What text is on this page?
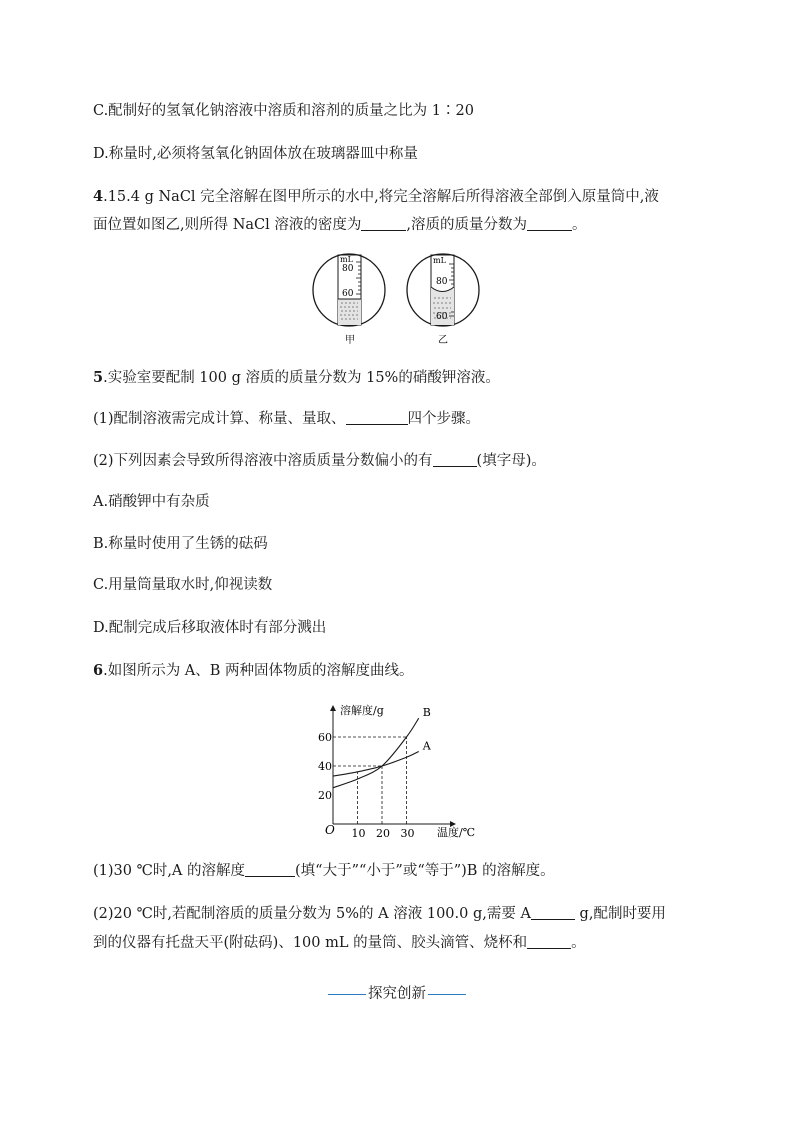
C.配制好的氢氧化钠溶液中溶质和溶剂的质量之比为 1∶20
D.称量时,必须将氢氧化钠固体放在玻璃器皿中称量
4.15.4 g NaCl 完全溶解在图甲所示的水中,将完全溶解后所得溶液全部倒入原量筒中,液
面位置如图乙,则所得 NaCl 溶液的密度为	,溶质的质量分数为	。
mL
80
60
甲
mL
80
60
乙
5.实验室要配制 100 g 溶质的质量分数为 15%的硝酸钾溶液。
(1)配制溶液需完成计算、称量、量取、	四个步骤。
(2)下列因素会导致所得溶液中溶质质量分数偏小的有	(填字母)。
A.硝酸钾中有杂质
B.称量时使用了生锈的砝码
C.用量筒量取水时,仰视读数
D.配制完成后移取液体时有部分溅出
6.如图所示为 A、B 两种固体物质的溶解度曲线。
20
40
60
10 20 30
A
B
溶解度/g
温度/℃
O
(1)30 ℃时,A 的溶解度	(填“大于”“小于”或“等于”)B 的溶解度。
(2)20 ℃时,若配制溶质的质量分数为 5%的 A 溶液 100.0 g,需要 A	g,配制时要用
到的仪器有托盘天平(附砝码)、100 mL 的量筒、胶头滴管、烧杯和	。
探究创新
